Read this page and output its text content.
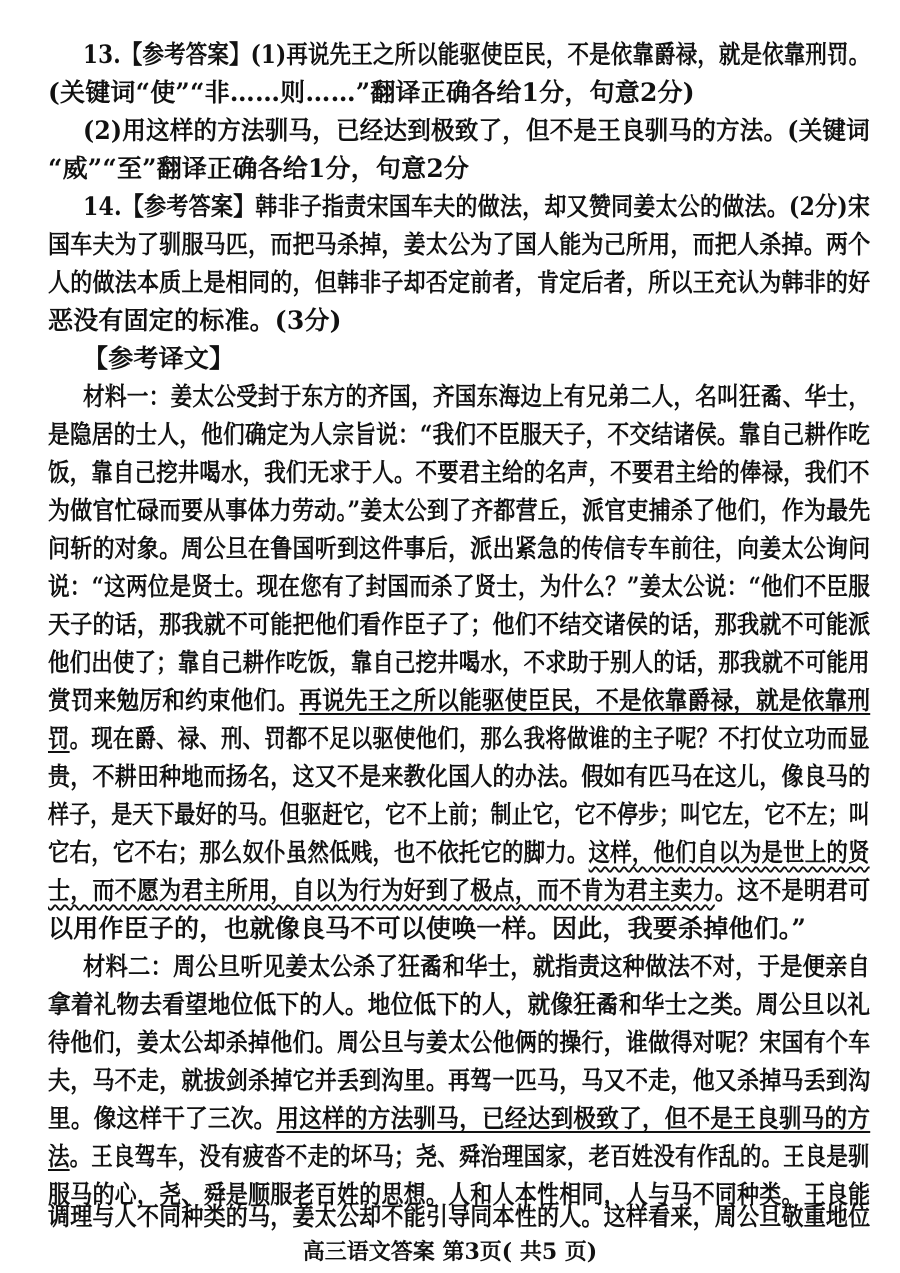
13.【参考答案】(1)再说先王之所以能驱使臣民，不是依靠爵禄，就是依靠刑罚。
(关键词“使”“非……则……”翻译正确各给1分，句意2分)
(2)用这样的方法驯马，已经达到极致了，但不是王良驯马的方法。(关键词
“威”“至”翻译正确各给1分，句意2分
14.【参考答案】韩非子指责宋国车夫的做法，却又赞同姜太公的做法。(2分)宋
国车夫为了驯服马匹，而把马杀掉，姜太公为了国人能为己所用，而把人杀掉。两个
人的做法本质上是相同的，但韩非子却否定前者，肯定后者，所以王充认为韩非的好
恶没有固定的标准。(3分)
【参考译文】
材料一：姜太公受封于东方的齐国，齐国东海边上有兄弟二人，名叫狂矞、华士，
是隐居的士人，他们确定为人宗旨说：“我们不臣服天子，不交结诸侯。靠自己耕作吃
饭，靠自己挖井喝水，我们无求于人。不要君主给的名声，不要君主给的俸禄，我们不
为做官忙碌而要从事体力劳动。”姜太公到了齐都营丘，派官吏捕杀了他们，作为最先
问斩的对象。周公旦在鲁国听到这件事后，派出紧急的传信专车前往，向姜太公询问
说：“这两位是贤士。现在您有了封国而杀了贤士，为什么？”姜太公说：“他们不臣服
天子的话，那我就不可能把他们看作臣子了；他们不结交诸侯的话，那我就不可能派
他们出使了；靠自己耕作吃饭，靠自己挖井喝水，不求助于别人的话，那我就不可能用
赏罚来勉厉和约束他们。再说先王之所以能驱使臣民，不是依靠爵禄，就是依靠刑
罚。现在爵、禄、刑、罚都不足以驱使他们，那么我将做谁的主子呢？不打仗立功而显
贵，不耕田种地而扬名，这又不是来教化国人的办法。假如有匹马在这儿，像良马的
样子，是天下最好的马。但驱赶它，它不上前；制止它，它不停步；叫它左，它不左；叫
它右，它不右；那么奴仆虽然低贱，也不依托它的脚力。这样，他们自以为是世上的贤
士，而不愿为君主所用，自以为行为好到了极点，而不肯为君主卖力。这不是明君可
以用作臣子的，也就像良马不可以使唤一样。因此，我要杀掉他们。”
材料二：周公旦听见姜太公杀了狂矞和华士，就指责这种做法不对，于是便亲自
拿着礼物去看望地位低下的人。地位低下的人，就像狂矞和华士之类。周公旦以礼
待他们，姜太公却杀掉他们。周公旦与姜太公他俩的操行，谁做得对呢？宋国有个车
夫，马不走，就拔剑杀掉它并丢到沟里。再驾一匹马，马又不走，他又杀掉马丢到沟
里。像这样干了三次。用这样的方法驯马，已经达到极致了，但不是王良驯马的方
法。王良驾车，没有疲沓不走的坏马；尧、舜治理国家，老百姓没有作乱的。王良是驯
服马的心，尧、舜是顺服老百姓的思想。人和人本性相同，人与马不同种类。王良能
调理与人不同种类的马，姜太公却不能引导同本性的人。这样看来，周公旦敬重地位
高三语文答案 第3页( 共5 页)
